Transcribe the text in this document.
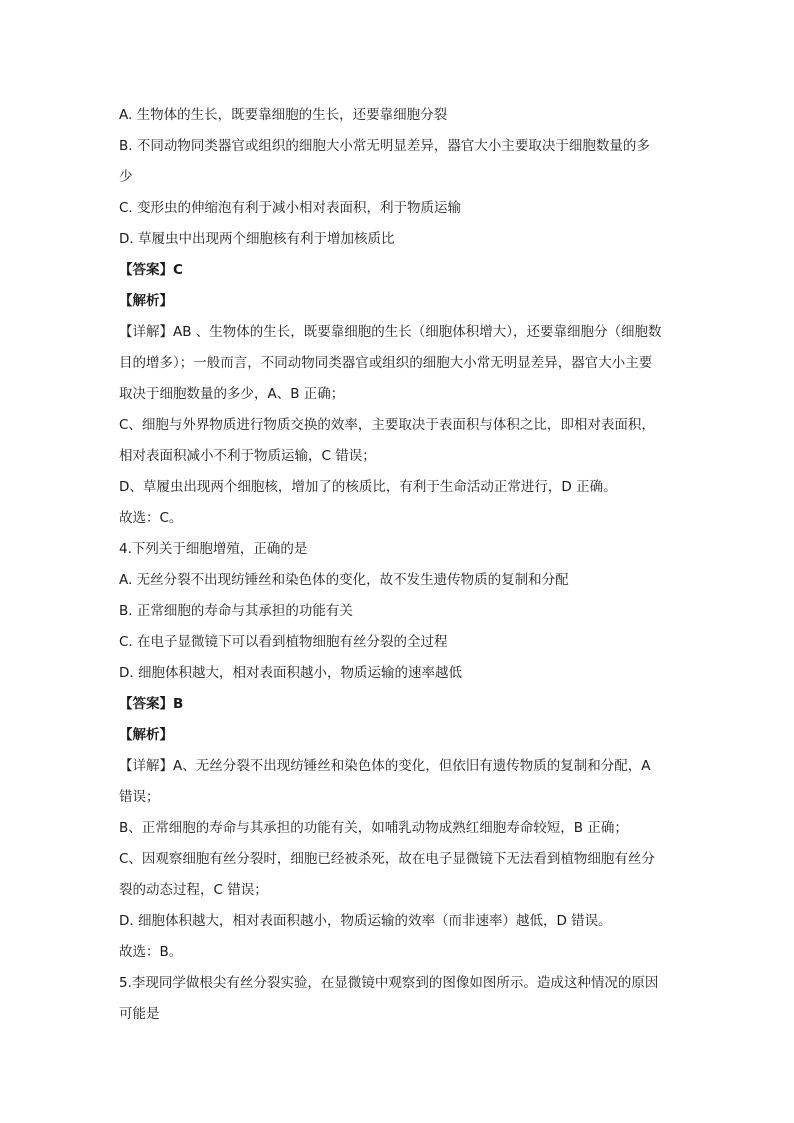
A. 生物体的生长，既要靠细胞的生长，还要靠细胞分裂
B. 不同动物同类器官或组织的细胞大小常无明显差异，器官大小主要取决于细胞数量的多
少
C. 变形虫的伸缩泡有利于减小相对表面积，利于物质运输
D. 草履虫中出现两个细胞核有利于增加核质比
【答案】C
【解析】
【详解】AB 、生物体的生长，既要靠细胞的生长（细胞体积增大），还要靠细胞分（细胞数
目的增多）；一般而言，不同动物同类器官或组织的细胞大小常无明显差异，器官大小主要
取决于细胞数量的多少，A、B 正确；
C、细胞与外界物质进行物质交换的效率，主要取决于表面积与体积之比，即相对表面积，
相对表面积减小不利于物质运输，C 错误；
D、草履虫出现两个细胞核，增加了的核质比，有利于生命活动正常进行，D 正确。
故选：C。
4.下列关于细胞增殖，正确的是
A. 无丝分裂不出现纺锤丝和染色体的变化，故不发生遗传物质的复制和分配
B. 正常细胞的寿命与其承担的功能有关
C. 在电子显微镜下可以看到植物细胞有丝分裂的全过程
D. 细胞体积越大，相对表面积越小，物质运输的速率越低
【答案】B
【解析】
【详解】A、无丝分裂不出现纺锤丝和染色体的变化，但依旧有遗传物质的复制和分配，A
错误；
B、正常细胞的寿命与其承担的功能有关，如哺乳动物成熟红细胞寿命较短，B 正确；
C、因观察细胞有丝分裂时，细胞已经被杀死，故在电子显微镜下无法看到植物细胞有丝分
裂的动态过程，C 错误；
D. 细胞体积越大，相对表面积越小，物质运输的效率（而非速率）越低，D 错误。
故选：B。
5.李现同学做根尖有丝分裂实验，在显微镜中观察到的图像如图所示。造成这种情况的原因
可能是
